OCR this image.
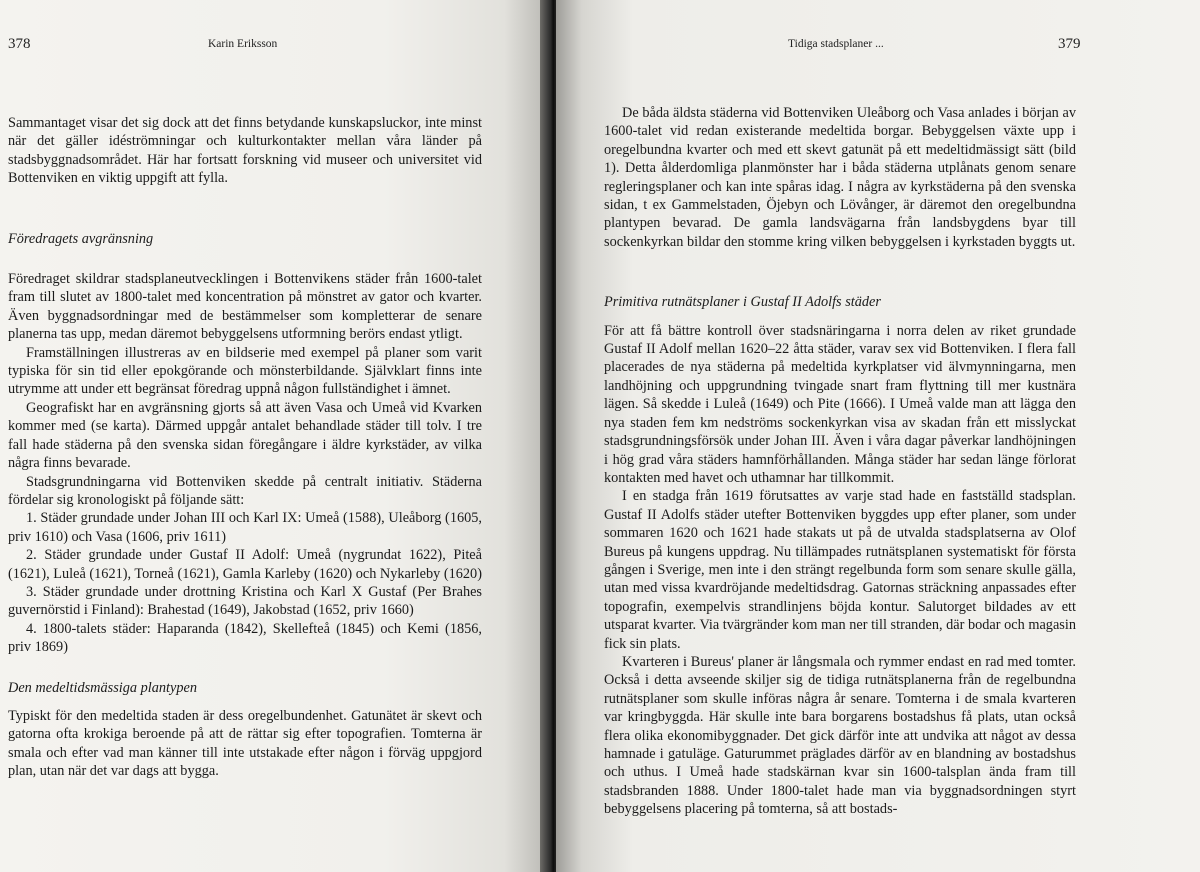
378	Karin Eriksson

Sammantaget visar det sig dock att det finns betydande kunskapsluckor, inte minst när det gäller idéströmningar och kulturkontakter mellan våra länder på stadsbyggnadsområdet. Här har fortsatt forskning vid museer och universitet vid Bottenviken en viktig uppgift att fylla.

Föredragets avgränsning

Föredraget skildrar stadsplaneutvecklingen i Bottenvikens städer från 1600-talet fram till slutet av 1800-talet med koncentration på mönstret av gator och kvarter. Även byggnadsordningar med de bestämmelser som kompletterar de senare planerna tas upp, medan däremot bebyggelsens utformning berörs endast ytligt.

Framställningen illustreras av en bildserie med exempel på planer som varit typiska för sin tid eller epokgörande och mönsterbildande. Självklart finns inte utrymme att under ett begränsat föredrag uppnå någon fullständighet i ämnet.

Geografiskt har en avgränsning gjorts så att även Vasa och Umeå vid Kvarken kommer med (se karta). Därmed uppgår antalet behandlade städer till tolv. I tre fall hade städerna på den svenska sidan föregångare i äldre kyrkstäder, av vilka några finns bevarade.

Stadsgrundningarna vid Bottenviken skedde på centralt initiativ. Städerna fördelar sig kronologiskt på följande sätt:

1. Städer grundade under Johan III och Karl IX: Umeå (1588), Uleåborg (1605, priv 1610) och Vasa (1606, priv 1611)

2. Städer grundade under Gustaf II Adolf: Umeå (nygrundat 1622), Piteå (1621), Luleå (1621), Torneå (1621), Gamla Karleby (1620) och Nykarleby (1620)

3. Städer grundade under drottning Kristina och Karl X Gustaf (Per Brahes guvernörstid i Finland): Brahestad (1649), Jakobstad (1652, priv 1660)

4. 1800-talets städer: Haparanda (1842), Skellefteå (1845) och Kemi (1856, priv 1869)

Den medeltidsmässiga plantypen

Typiskt för den medeltida staden är dess oregelbundenhet. Gatunätet är skevt och gatorna ofta krokiga beroende på att de rättar sig efter topografien. Tomterna är smala och efter vad man känner till inte utstakade efter någon i förväg uppgjord plan, utan när det var dags att bygga.

Tidiga stadsplaner ...	379

De båda äldsta städerna vid Bottenviken Uleåborg och Vasa anlades i början av 1600-talet vid redan existerande medeltida borgar. Bebyggelsen växte upp i oregelbundna kvarter och med ett skevt gatunät på ett medeltidmässigt sätt (bild 1). Detta ålderdomliga planmönster har i båda städerna utplånats genom senare regleringsplaner och kan inte spåras idag. I några av kyrkstäderna på den svenska sidan, t ex Gammelstaden, Öjebyn och Lövånger, är däremot den oregelbundna plantypen bevarad. De gamla landsvägarna från landsbygdens byar till sockenkyrkan bildar den stomme kring vilken bebyggelsen i kyrkstaden byggts ut.

Primitiva rutnätsplaner i Gustaf II Adolfs städer

För att få bättre kontroll över stadsnäringarna i norra delen av riket grundade Gustaf II Adolf mellan 1620–22 åtta städer, varav sex vid Bottenviken. I flera fall placerades de nya städerna på medeltida kyrkplatser vid älvmynningarna, men landhöjning och uppgrundning tvingade snart fram flyttning till mer kustnära lägen. Så skedde i Luleå (1649) och Pite (1666). I Umeå valde man att lägga den nya staden fem km nedströms sockenkyrkan visa av skadan från ett misslyckat stadsgrundningsförsök under Johan III. Även i våra dagar påverkar landhöjningen i hög grad våra städers hamnförhållanden. Många städer har sedan länge förlorat kontakten med havet och uthamnar har tillkommit.

I en stadga från 1619 förutsattes av varje stad hade en fastställd stadsplan. Gustaf II Adolfs städer utefter Bottenviken byggdes upp efter planer, som under sommaren 1620 och 1621 hade stakats ut på de utvalda stadsplatserna av Olof Bureus på kungens uppdrag. Nu tillämpades rutnätsplanen systematiskt för första gången i Sverige, men inte i den strängt regelbunda form som senare skulle gälla, utan med vissa kvardröjande medeltidsdrag. Gatornas sträckning anpassades efter topografin, exempelvis strandlinjens böjda kontur. Salutorget bildades av ett utsparat kvarter. Via tvärgränder kom man ner till stranden, där bodar och magasin fick sin plats.

Kvarteren i Bureus' planer är långsmala och rymmer endast en rad med tomter. Också i detta avseende skiljer sig de tidiga rutnätsplanerna från de regelbundna rutnätsplaner som skulle införas några år senare. Tomterna i de smala kvarteren var kringbyggda. Här skulle inte bara borgarens bostadshus få plats, utan också flera olika ekonomibyggnader. Det gick därför inte att undvika att något av dessa hamnade i gatuläge. Gaturummet präglades därför av en blandning av bostadshus och uthus. I Umeå hade stadskärnan kvar sin 1600-talsplan ända fram till stadsbranden 1888. Under 1800-talet hade man via byggnadsordningen styrt bebyggelsens placering på tomterna, så att bostads-
